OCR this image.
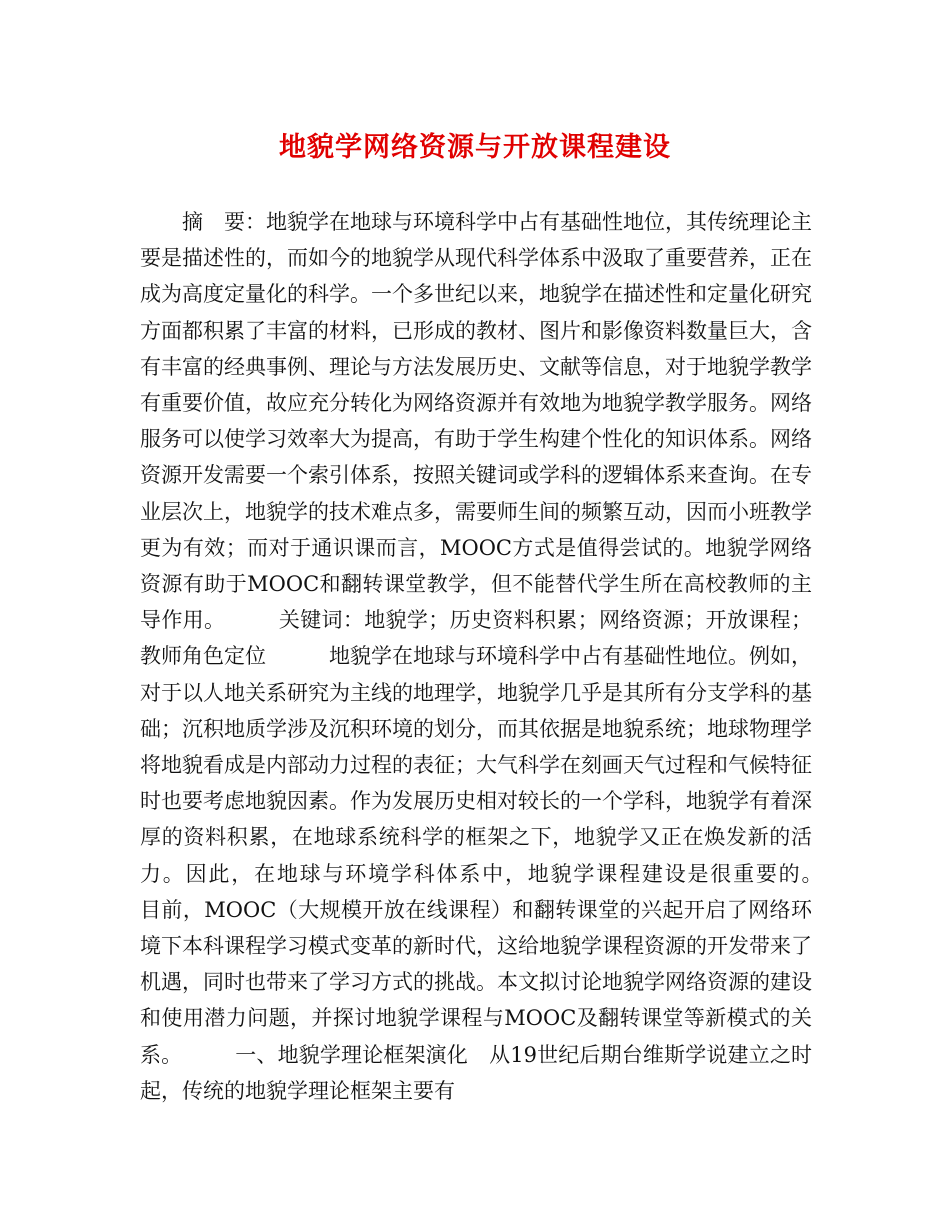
地貌学网络资源与开放课程建设

摘　要：地貌学在地球与环境科学中占有基础性地位，其传统理论主要是描述性的，而如今的地貌学从现代科学体系中汲取了重要营养，正在成为高度定量化的科学。一个多世纪以来，地貌学在描述性和定量化研究方面都积累了丰富的材料，已形成的教材、图片和影像资料数量巨大，含有丰富的经典事例、理论与方法发展历史、文献等信息，对于地貌学教学有重要价值，故应充分转化为网络资源并有效地为地貌学教学服务。网络服务可以使学习效率大为提高，有助于学生构建个性化的知识体系。网络资源开发需要一个索引体系，按照关键词或学科的逻辑体系来查询。在专业层次上，地貌学的技术难点多，需要师生间的频繁互动，因而小班教学更为有效；而对于通识课而言，MOOC方式是值得尝试的。地貌学网络资源有助于MOOC和翻转课堂教学，但不能替代学生所在高校教师的主导作用。　　　关键词：地貌学；历史资料积累；网络资源；开放课程；教师角色定位　　　地貌学在地球与环境科学中占有基础性地位。例如，对于以人地关系研究为主线的地理学，地貌学几乎是其所有分支学科的基础；沉积地质学涉及沉积环境的划分，而其依据是地貌系统；地球物理学将地貌看成是内部动力过程的表征；大气科学在刻画天气过程和气候特征时也要考虑地貌因素。作为发展历史相对较长的一个学科，地貌学有着深厚的资料积累，在地球系统科学的框架之下，地貌学又正在焕发新的活力。因此，在地球与环境学科体系中，地貌学课程建设是很重要的。　　　目前，MOOC（大规模开放在线课程）和翻转课堂的兴起开启了网络环境下本科课程学习模式变革的新时代，这给地貌学课程资源的开发带来了机遇，同时也带来了学习方式的挑战。本文拟讨论地貌学网络资源的建设和使用潜力问题，并探讨地貌学课程与MOOC及翻转课堂等新模式的关系。　　　一、地貌学理论框架演化　从19世纪后期台维斯学说建立之时起，传统的地貌学理论框架主要有
